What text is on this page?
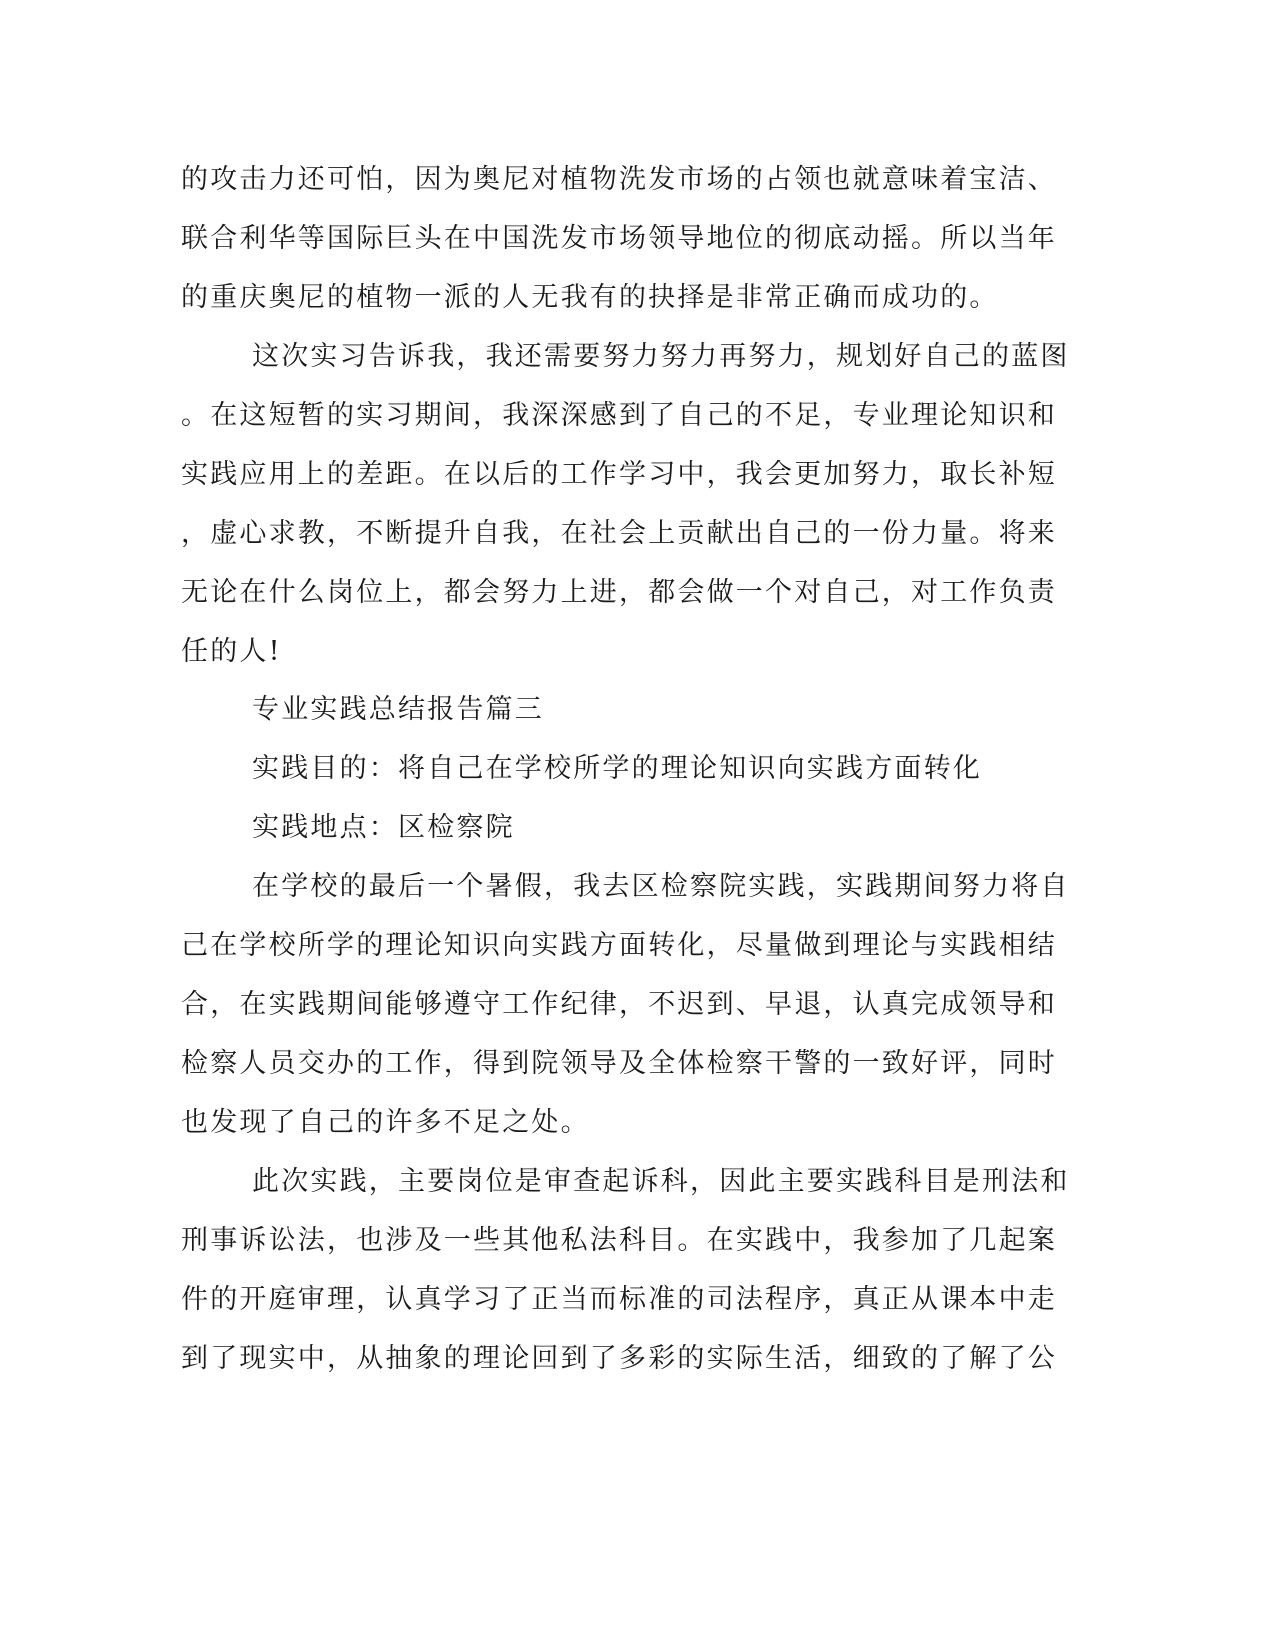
的攻击力还可怕，因为奥尼对植物洗发市场的占领也就意味着宝洁、
联合利华等国际巨头在中国洗发市场领导地位的彻底动摇。所以当年
的重庆奥尼的植物一派的人无我有的抉择是非常正确而成功的。
这次实习告诉我，我还需要努力努力再努力，规划好自己的蓝图
。在这短暂的实习期间，我深深感到了自己的不足，专业理论知识和
实践应用上的差距。在以后的工作学习中，我会更加努力，取长补短
，虚心求教，不断提升自我，在社会上贡献出自己的一份力量。将来
无论在什么岗位上，都会努力上进，都会做一个对自己，对工作负责
任的人!
专业实践总结报告篇三
实践目的：将自己在学校所学的理论知识向实践方面转化
实践地点：区检察院
在学校的最后一个暑假，我去区检察院实践，实践期间努力将自
己在学校所学的理论知识向实践方面转化，尽量做到理论与实践相结
合，在实践期间能够遵守工作纪律，不迟到、早退，认真完成领导和
检察人员交办的工作，得到院领导及全体检察干警的一致好评，同时
也发现了自己的许多不足之处。
此次实践，主要岗位是审查起诉科，因此主要实践科目是刑法和
刑事诉讼法，也涉及一些其他私法科目。在实践中，我参加了几起案
件的开庭审理，认真学习了正当而标准的司法程序，真正从课本中走
到了现实中，从抽象的理论回到了多彩的实际生活，细致的了解了公
